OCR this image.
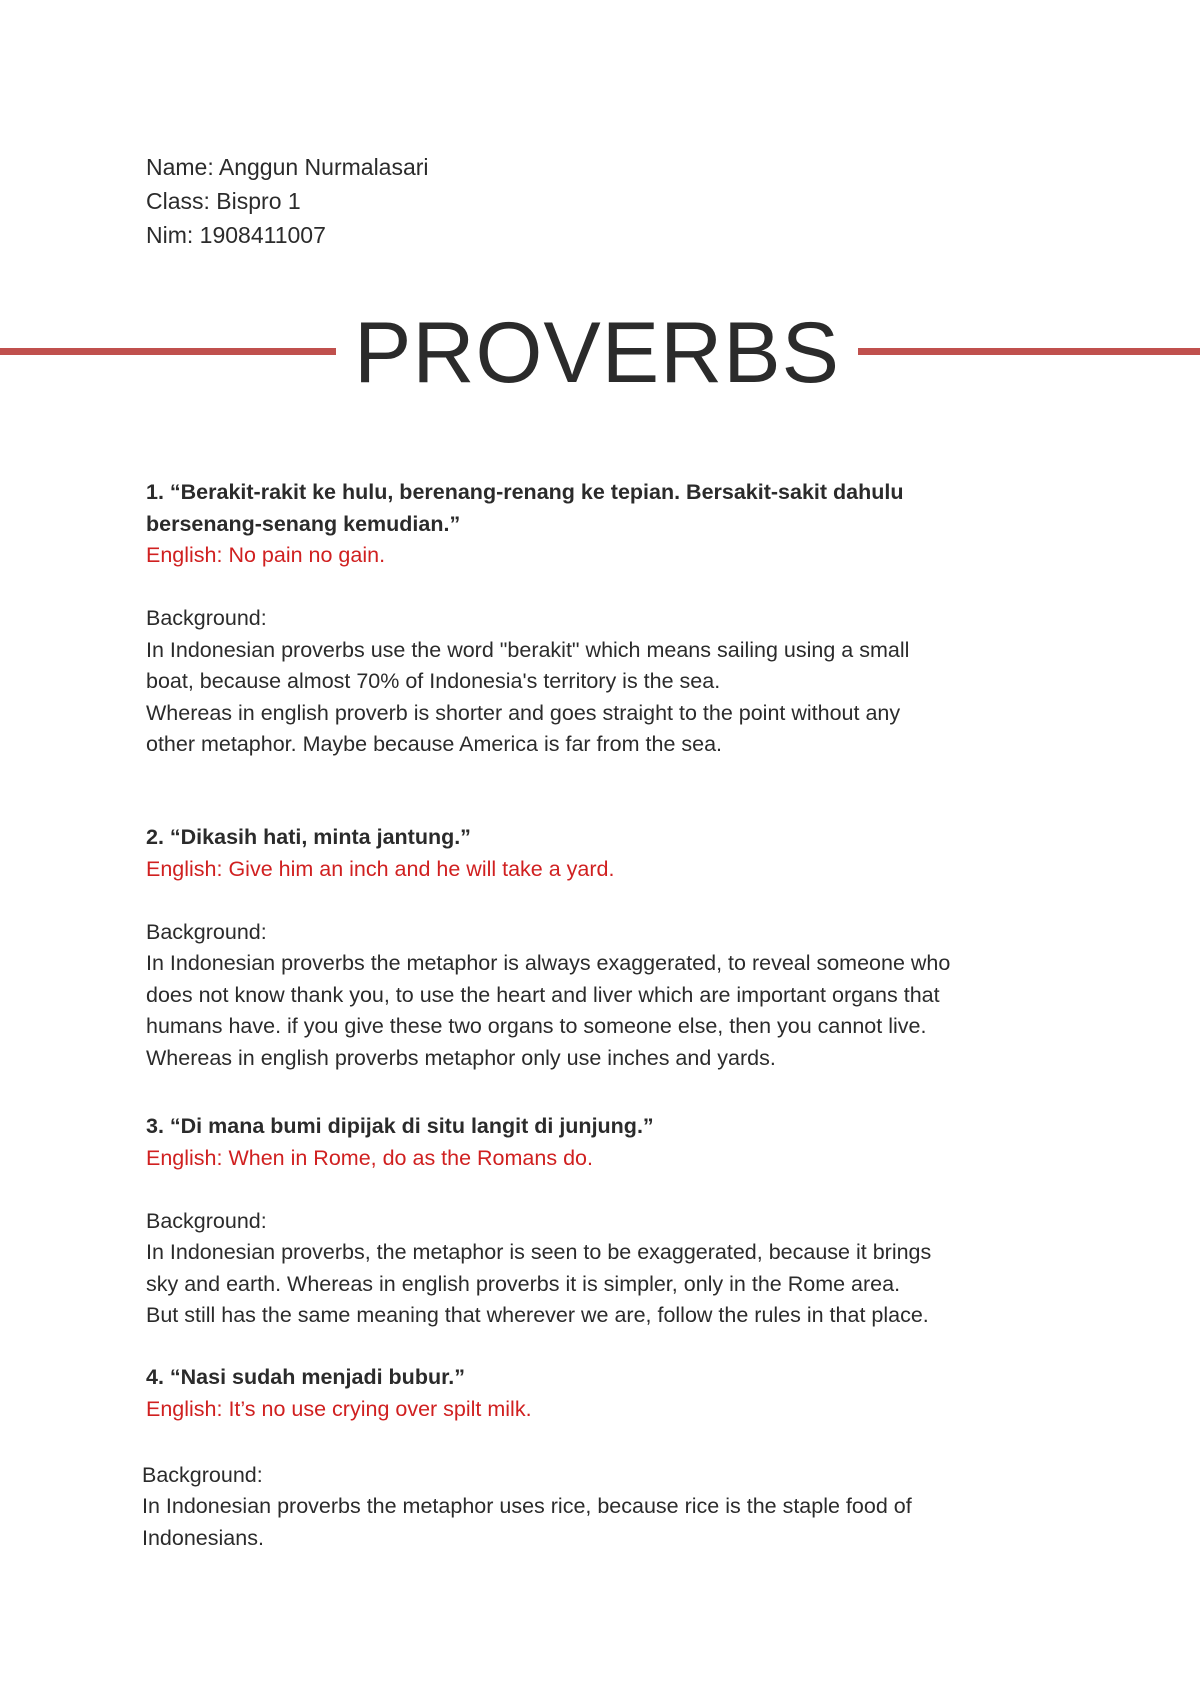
Name: Anggun Nurmalasari
Class: Bispro 1
Nim: 1908411007
PROVERBS
1. “Berakit-rakit ke hulu, berenang-renang ke tepian. Bersakit-sakit dahulu
bersenang-senang kemudian.”
English: No pain no gain.
Background:
In Indonesian proverbs use the word "berakit" which means sailing using a small
boat, because almost 70% of Indonesia's territory is the sea.
Whereas in english proverb is shorter and goes straight to the point without any
other metaphor. Maybe because America is far from the sea.
2. “Dikasih hati, minta jantung.”
English: Give him an inch and he will take a yard.
Background:
In Indonesian proverbs the metaphor is always exaggerated, to reveal someone who
does not know thank you, to use the heart and liver which are important organs that
humans have. if you give these two organs to someone else, then you cannot live.
Whereas in english proverbs metaphor only use inches and yards.
3. “Di mana bumi dipijak di situ langit di junjung.”
English: When in Rome, do as the Romans do.
Background:
In Indonesian proverbs, the metaphor is seen to be exaggerated, because it brings
sky and earth. Whereas in english proverbs it is simpler, only in the Rome area.
But still has the same meaning that wherever we are, follow the rules in that place.
4. “Nasi sudah menjadi bubur.”
English: It’s no use crying over spilt milk.
Background:
In Indonesian proverbs the metaphor uses rice, because rice is the staple food of
Indonesians.
